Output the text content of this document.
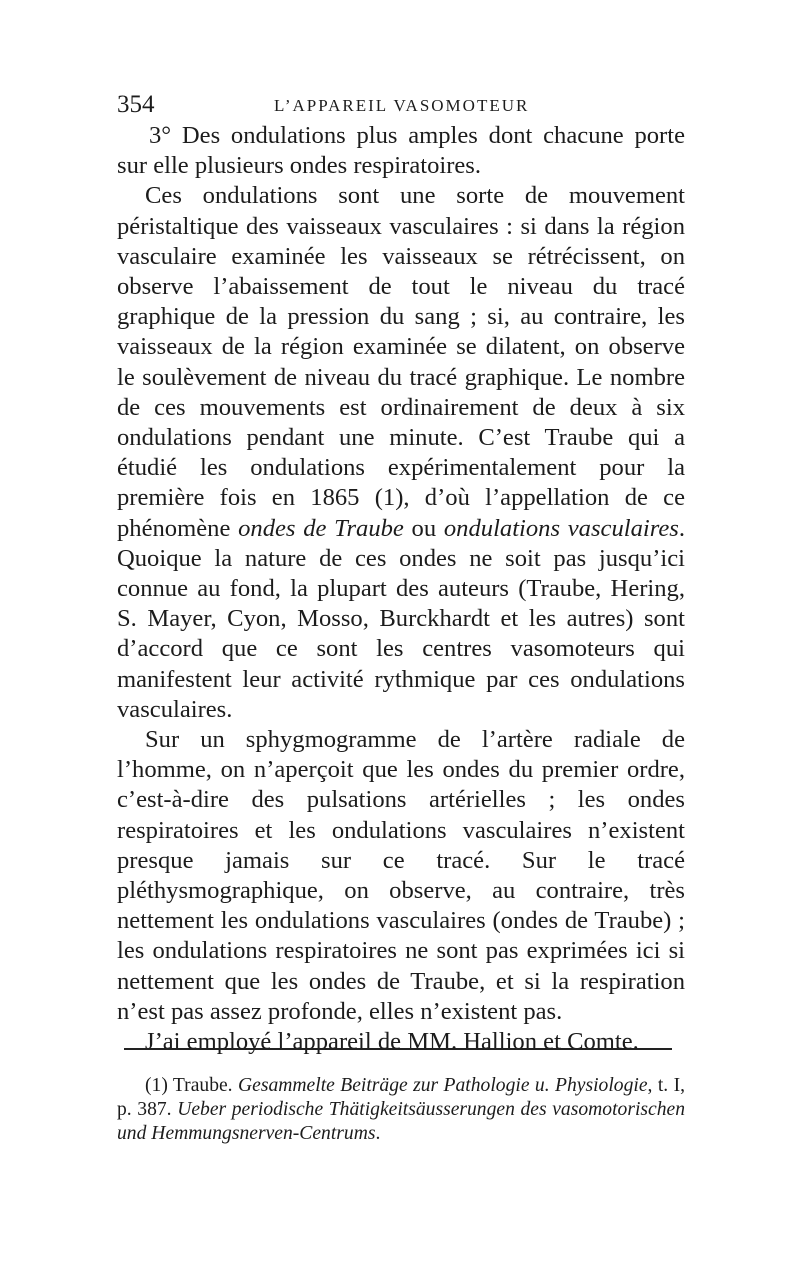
354	L’APPAREIL VASOMOTEUR

3° Des ondulations plus amples dont chacune porte sur elle plusieurs ondes respiratoires.

Ces ondulations sont une sorte de mouvement péristaltique des vaisseaux vasculaires : si dans la région vasculaire examinée les vaisseaux se rétrécissent, on observe l’abaissement de tout le niveau du tracé graphique de la pression du sang ; si, au contraire, les vaisseaux de la région examinée se dilatent, on observe le soulèvement de niveau du tracé graphique. Le nombre de ces mouvements est ordinairement de deux à six ondulations pendant une minute. C’est Traube qui a étudié les ondulations expérimentalement pour la première fois en 1865 (1), d’où l’appellation de ce phénomène ondes de Traube ou ondulations vasculaires. Quoique la nature de ces ondes ne soit pas jusqu’ici connue au fond, la plupart des auteurs (Traube, Hering, S. Mayer, Cyon, Mosso, Burckhardt et les autres) sont d’accord que ce sont les centres vasomoteurs qui manifestent leur activité rythmique par ces ondulations vasculaires.

Sur un sphygmogramme de l’artère radiale de l’homme, on n’aperçoit que les ondes du premier ordre, c’est-à-dire des pulsations artérielles ; les ondes respiratoires et les ondulations vasculaires n’existent presque jamais sur ce tracé. Sur le tracé pléthysmographique, on observe, au contraire, très nettement les ondulations vasculaires (ondes de Traube) ; les ondulations respiratoires ne sont pas exprimées ici si nettement que les ondes de Traube, et si la respiration n’est pas assez profonde, elles n’existent pas.

J’ai employé l’appareil de MM. Hallion et Comte.

(1) Traube. Gesammelte Beiträge zur Pathologie u. Physiologie, t. I, p. 387. Ueber periodische Thätigkeitsäusserungen des vasomotorischen und Hemmungsnerven-Centrums.
